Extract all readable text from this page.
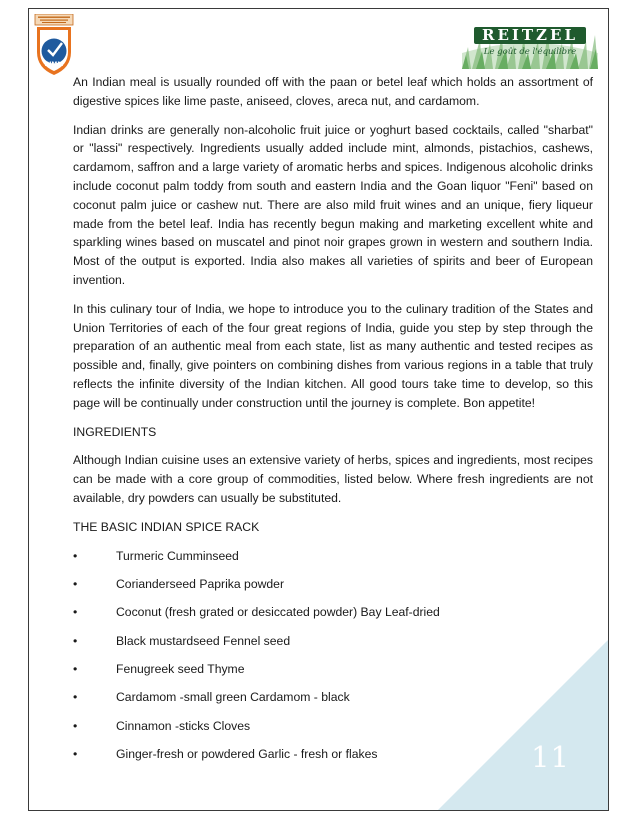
11
BIMM
REITZEL
Le goût de l'équilibre

An Indian meal is usually rounded off with the paan or betel leaf which holds an assortment of digestive spices like lime paste, aniseed, cloves, areca nut, and cardamom.

Indian drinks are generally non-alcoholic fruit juice or yoghurt based cocktails, called "sharbat" or "lassi" respectively. Ingredients usually added include mint, almonds, pistachios, cashews, cardamom, saffron and a large variety of aromatic herbs and spices. Indigenous alcoholic drinks include coconut palm toddy from south and eastern India and the Goan liquor "Feni" based on coconut palm juice or cashew nut. There are also mild fruit wines and an unique, fiery liqueur made from the betel leaf. India has recently begun making and marketing excellent white and sparkling wines based on muscatel and pinot noir grapes grown in western and southern India. Most of the output is exported. India also makes all varieties of spirits and beer of European invention.

In this culinary tour of India, we hope to introduce you to the culinary tradition of the States and Union Territories of each of the four great regions of India, guide you step by step through the preparation of an authentic meal from each state, list as many authentic and tested recipes as possible and, finally, give pointers on combining dishes from various regions in a table that truly reflects the infinite diversity of the Indian kitchen. All good tours take time to develop, so this page will be continually under construction until the journey is complete. Bon appetite!

INGREDIENTS

Although Indian cuisine uses an extensive variety of herbs, spices and ingredients, most recipes can be made with a core group of commodities, listed below. Where fresh ingredients are not available, dry powders can usually be substituted.

THE BASIC INDIAN SPICE RACK

•	Turmeric Cumminseed
•	Corianderseed Paprika powder
•	Coconut (fresh grated or desiccated powder) Bay Leaf-dried
•	Black mustardseed Fennel seed
•	Fenugreek seed Thyme
•	Cardamom -small green Cardamom - black
•	Cinnamon -sticks Cloves
•	Ginger-fresh or powdered Garlic - fresh or flakes
